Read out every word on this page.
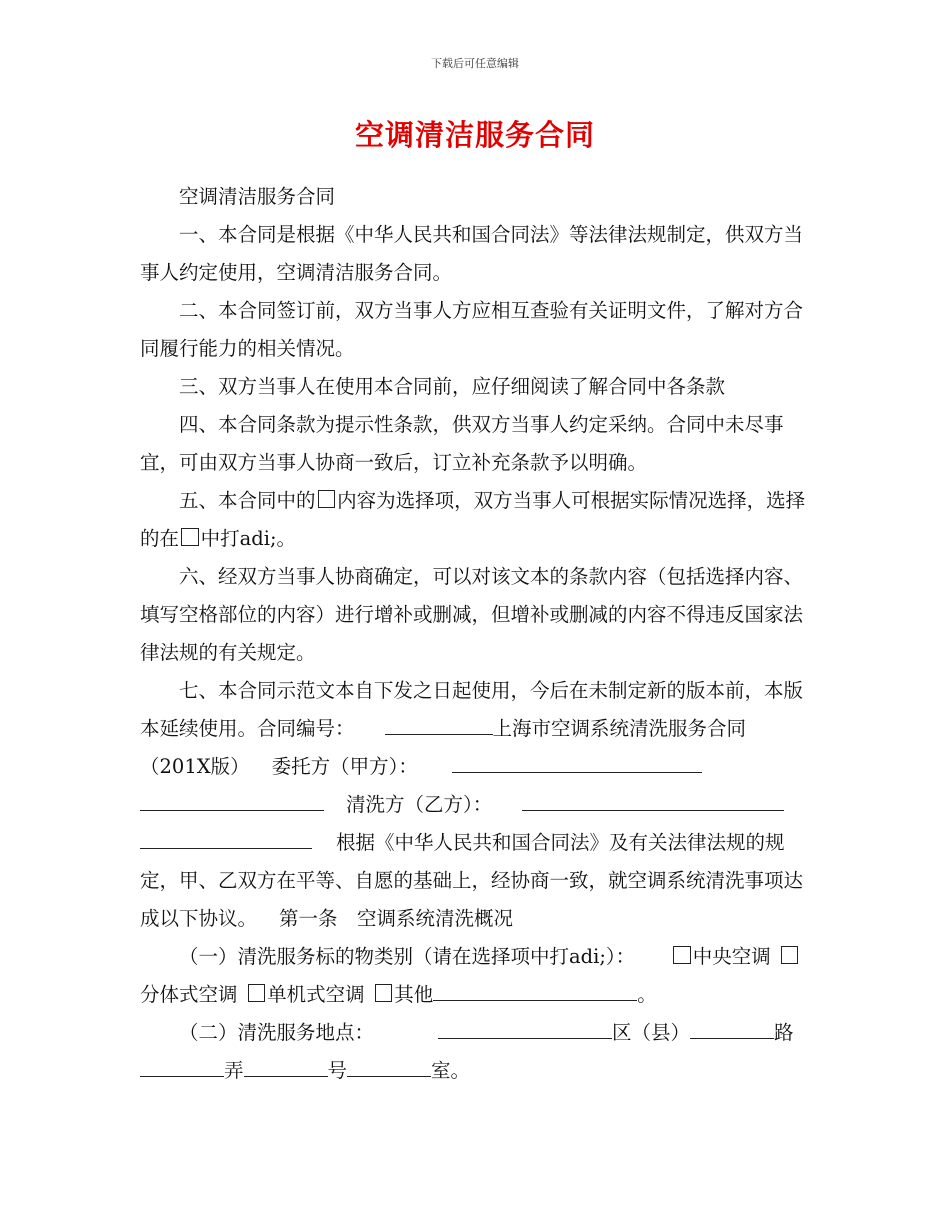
下载后可任意编辑
空调清洁服务合同

空调清洁服务合同

一、本合同是根据《中华人民共和国合同法》等法律法规制定，供双方当事人约定使用，空调清洁服务合同。

二、本合同签订前，双方当事人方应相互查验有关证明文件，了解对方合同履行能力的相关情况。

三、双方当事人在使用本合同前，应仔细阅读了解合同中各条款

四、本合同条款为提示性条款，供双方当事人约定采纳。合同中未尽事宜，可由双方当事人协商一致后，订立补充条款予以明确。

五、本合同中的 内容为选择项，双方当事人可根据实际情况选择，选择的在 中打adi;。

六、经双方当事人协商确定，可以对该文本的条款内容（包括选择内容、填写空格部位的内容）进行增补或删减，但增补或删减的内容不得违反国家法律法规的有关规定。

七、本合同示范文本自下发之日起使用，今后在未制定新的版本前，本版本延续使用。合同编号：	上海市空调系统清洗服务合同（201X版） 委托方（甲方）：清洗方（乙方）：根据《中华人民共和国合同法》及有关法律法规的规定，甲、乙双方在平等、自愿的基础上，经协商一致，就空调系统清洗事项达成以下协议。 第一条　空调系统清洗概况

（一）清洗服务标的物类别（请在选择项中打adi;）：	中央空调分体式空调 单机式空调 其他	。

（二）清洗服务地点：	区（县）	路弄	号	室。
